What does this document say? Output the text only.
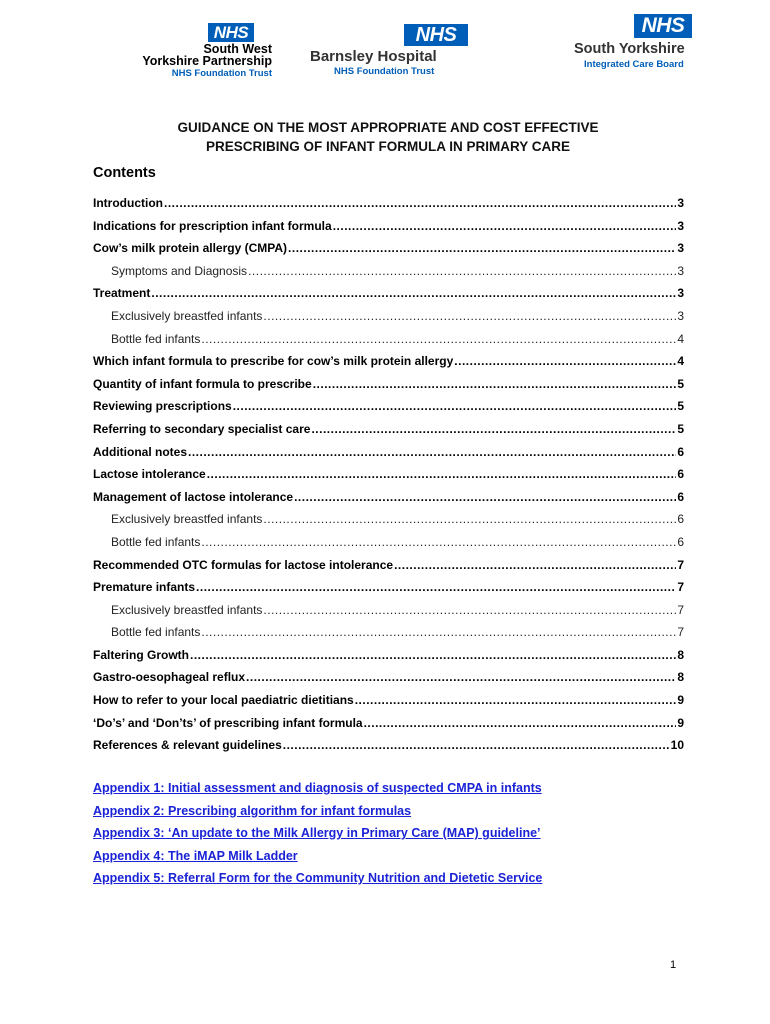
NHS
South West
Yorkshire Partnership
NHS Foundation Trust
NHS
Barnsley Hospital
NHS Foundation Trust
NHS
South Yorkshire
Integrated Care Board
GUIDANCE ON THE MOST APPROPRIATE AND COST EFFECTIVE
PRESCRIBING OF INFANT FORMULA IN PRIMARY CARE
Contents
Introduction .....	3
Indications for prescription infant formula .....	3
Cow’s milk protein allergy (CMPA) .....	3
Symptoms and Diagnosis .....	3
Treatment .....	3
Exclusively breastfed infants .....	3
Bottle fed infants .....	4
Which infant formula to prescribe for cow’s milk protein allergy .....	4
Quantity of infant formula to prescribe .....	5
Reviewing prescriptions .....	5
Referring to secondary specialist care .....	5
Additional notes .....	6
Lactose intolerance .....	6
Management of lactose intolerance .....	6
Exclusively breastfed infants .....	6
Bottle fed infants .....	6
Recommended OTC formulas for lactose intolerance .....	7
Premature infants .....	7
Exclusively breastfed infants .....	7
Bottle fed infants .....	7
Faltering Growth .....	8
Gastro-oesophageal reflux .....	8
How to refer to your local paediatric dietitians .....	9
‘Do’s’ and ‘Don’ts’ of prescribing infant formula .....	9
References & relevant guidelines .....	10
Appendix 1: Initial assessment and diagnosis of suspected CMPA in infants
Appendix 2: Prescribing algorithm for infant formulas
Appendix 3: ‘An update to the Milk Allergy in Primary Care (MAP) guideline’
Appendix 4: The iMAP Milk Ladder
Appendix 5: Referral Form for the Community Nutrition and Dietetic Service
1
